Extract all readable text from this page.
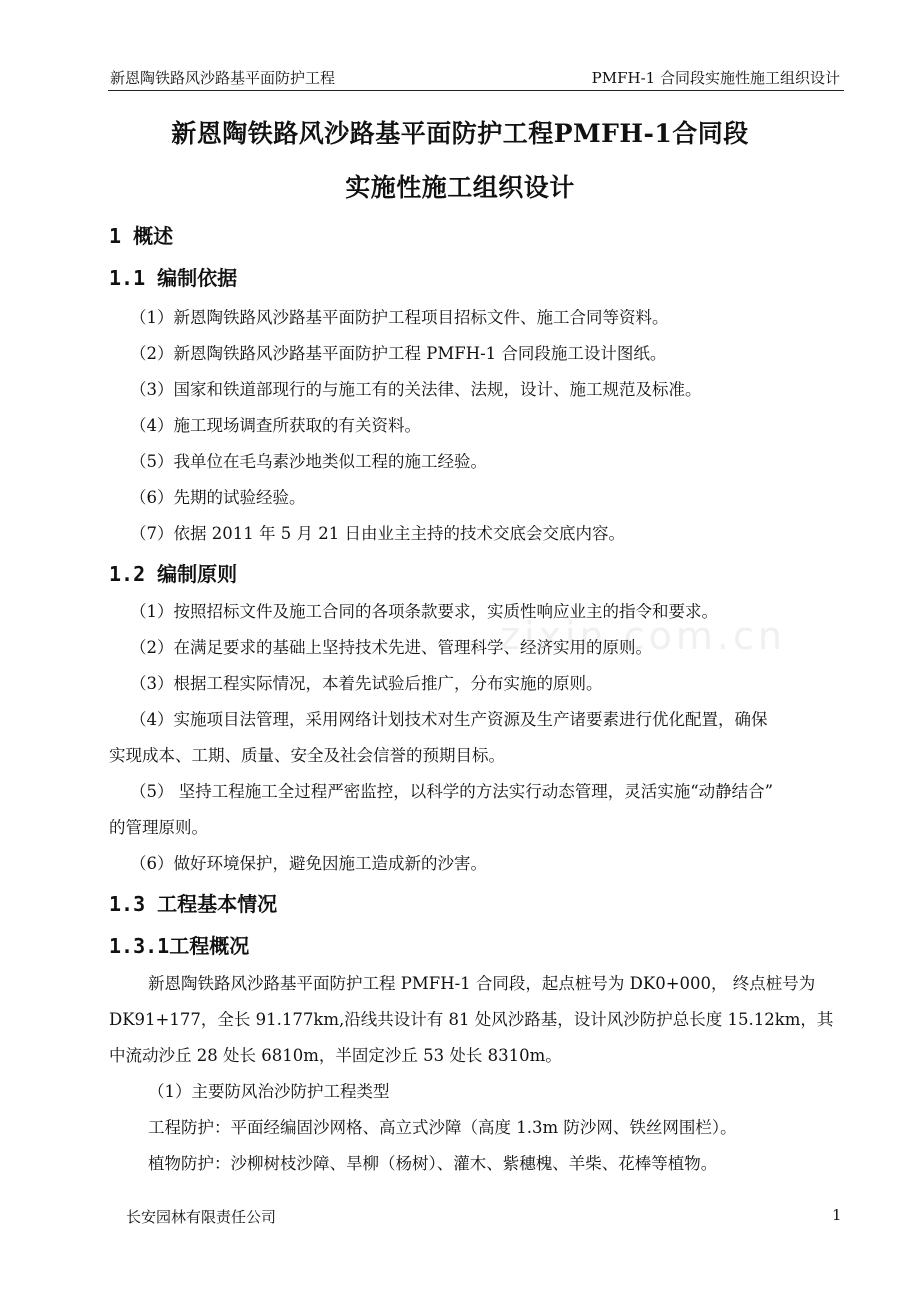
新恩陶铁路风沙路基平面防护工程	PMFH-1 合同段实施性施工组织设计
新恩陶铁路风沙路基平面防护工程PMFH-1合同段
实施性施工组织设计
zixin.com.cn
1 概述
1.1 编制依据
（1）新恩陶铁路风沙路基平面防护工程项目招标文件、施工合同等资料。
（2）新恩陶铁路风沙路基平面防护工程 PMFH-1 合同段施工设计图纸。
（3）国家和铁道部现行的与施工有的关法律、法规，设计、施工规范及标准。
（4）施工现场调查所获取的有关资料。
（5）我单位在毛乌素沙地类似工程的施工经验。
（6）先期的试验经验。
（7）依据 2011 年 5 月 21 日由业主主持的技术交底会交底内容。
1.2 编制原则
（1）按照招标文件及施工合同的各项条款要求，实质性响应业主的指令和要求。
（2）在满足要求的基础上坚持技术先进、管理科学、经济实用的原则。
（3）根据工程实际情况，本着先试验后推广，分布实施的原则。
（4）实施项目法管理，采用网络计划技术对生产资源及生产诸要素进行优化配置，确保
实现成本、工期、质量、安全及社会信誉的预期目标。
（5） 坚持工程施工全过程严密监控，以科学的方法实行动态管理，灵活实施“动静结合”
的管理原则。
（6）做好环境保护，避免因施工造成新的沙害。
1.3 工程基本情况
1.3.1工程概况
新恩陶铁路风沙路基平面防护工程 PMFH-1 合同段，起点桩号为 DK0+000， 终点桩号为
DK91+177，全长 91.177km,沿线共设计有 81 处风沙路基，设计风沙防护总长度 15.12km，其
中流动沙丘 28 处长 6810m，半固定沙丘 53 处长 8310m。
（1）主要防风治沙防护工程类型
工程防护：平面经编固沙网格、高立式沙障（高度 1.3m 防沙网、铁丝网围栏）。
植物防护：沙柳树枝沙障、旱柳（杨树）、灌木、紫穗槐、羊柴、花棒等植物。
长安园林有限责任公司	1
